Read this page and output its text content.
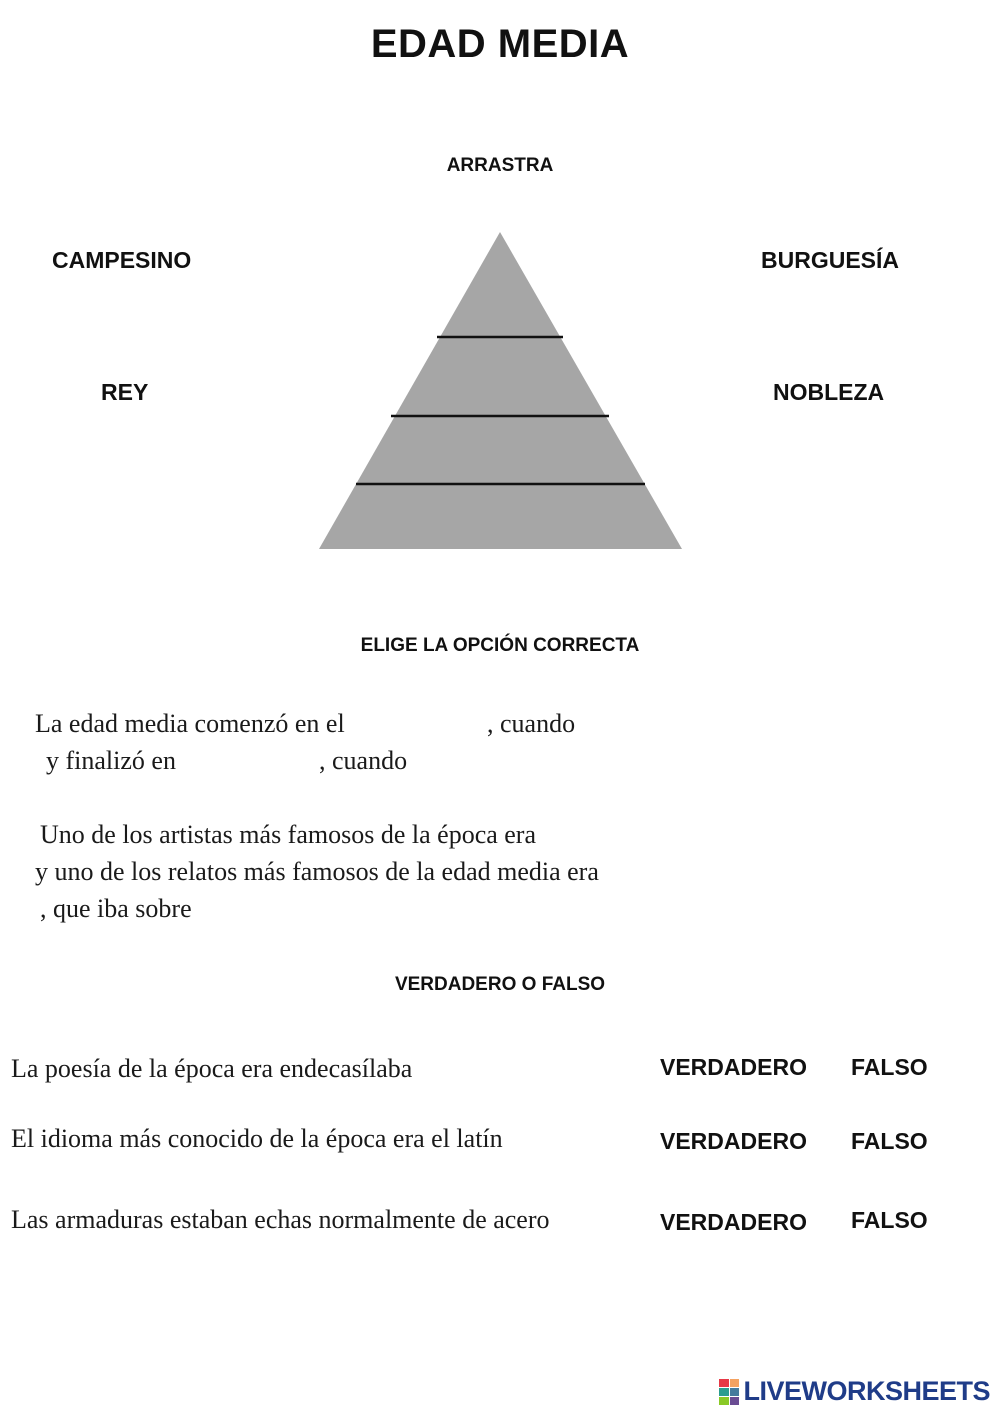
EDAD MEDIA
ARRASTRA
CAMPESINO	BURGUESÍA
REY	NOBLEZA
ELIGE LA OPCIÓN CORRECTA
La edad media comenzó en el	, cuando
y finalizó en	, cuando
Uno de los artistas más famosos de la época era
y uno de los relatos más famosos de la edad media era
, que iba sobre
VERDADERO O FALSO
La poesía de la época era endecasílaba	VERDADERO FALSO
El idioma más conocido de la época era el latín	VERDADERO FALSO
Las armaduras estaban echas normalmente de acero	VERDADERO FALSO
LIVEWORKSHEETS
